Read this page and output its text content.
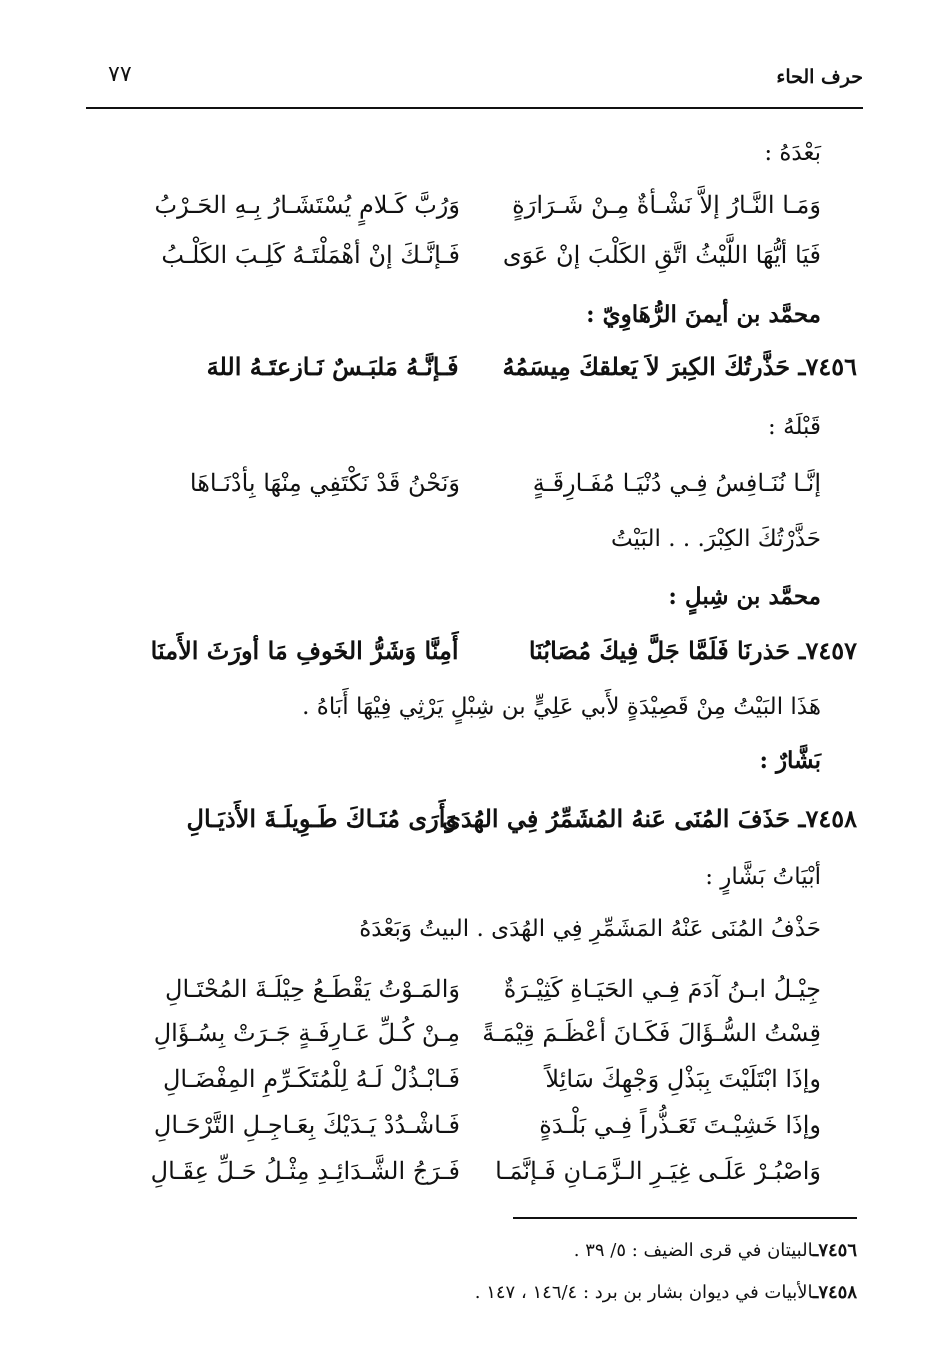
حرف الحاء
٧٧
بَعْدَهُ :
وَمَـا النَّـارُ إلاَّ نَشْـأةٌ مِـنْ شَـرَارَةٍ
وَرُبَّ كَـلامٍ يُسْتَشَـارُ بِـهِ الحَـرْبُ
فَيَا أيُّهَا اللَّيْثُ اتَّقِ الكَلْبَ إنْ عَوَى
فَـإنَّـكَ إنْ أهْمَلْتَـهُ كَلِـبَ الكَلْـبُ
محمَّد بن أيمنَ الرُّهَاوِيّ :
٧٤٥٦ـ حَذَّرتُكَ الكِبرَ لاَ يَعلقكَ مِيسَمُهُ
فَـإنَّـهُ مَلبَـسٌ نَـازعتَـهُ اللهَ
قَبْلَهُ :
إنَّـا نُنَـافِسُ فِـي دُنْيَـا مُفَـارِقَـةٍ
وَنَحْنُ قَدْ نَكْتَفِي مِنْهَا بِأدْنَـاهَا
حَذَّرْتُكَ الكِبْرَ. . . البَيْتُ
محمَّد بن شِبلٍ :
٧٤٥٧ـ حَذرنَا فَلَمَّا جَلَّ فِيكَ مُصَابُنَا
أَمِنَّا وَشَرُّ الخَوفِ مَا أورَثَ الأَمنَا
هَذَا البَيْتُ مِنْ قَصِيْدَةٍ لأَبي عَلِيٍّ بن شِبْلٍ يَرْثِي فِيْهَا أَبَاهُ .
بَشَّارٌ :
٧٤٥٨ـ حَذَفَ المُنَى عَنهُ المُشَمِّرُ فِي الهُدَى
وَأَرَى مُنَـاكَ طَـوِيلَـةَ الأَذيَـالِ
أبْيَاتُ بَشَّارٍ :
حَذْفُ المُنَى عَنْهُ المَشَمِّرِ فِي الهُدَى . البيتُ وَبَعْدَهُ
جِيْـلُ ابـنُ آدَمَ فِـي الحَيَـاةِ كَثِيْـرَةٌ
وَالمَـوْتُ يَقْطَـعُ حِيْلَـةَ المُحْتَـالِ
قِسْتُ السُّـؤَالَ فَكَـانَ أعْظَـمَ قِيْمَـةً
مِـنْ كُـلِّ عَـارِفَـةٍ جَـرَتْ بِسُـؤَالِ
وإذَا ابْتَلَيْتَ بِبَذْلِ وَجْهِكَ سَائِلاً
فَـابْـذُلْ لَـهُ لِلْمُتَكَـرِّمِ المِفْضَـالِ
وإذَا خَشِيْـتَ تَعَـذُّراً فِـي بَلْـدَةٍ
فَـاشْـدُدْ يَـدَيْكَ بِعَـاجِـلِ التَّرْحَـالِ
وَاصْبُـرْ عَلَـى غِيَـرِ الـزَّمَـانِ فَـإنَّمَـا
فَـرَجُ الشَّـدَائِـدِ مِثْـلُ حَـلِّ عِقَـالِ
٧٤٥٦ـالبيتان في قرى الضيف : ٥/ ٣٩ .
٧٤٥٨ـالأبيات في ديوان بشار بن برد : ١٤٦/٤ ، ١٤٧ .
